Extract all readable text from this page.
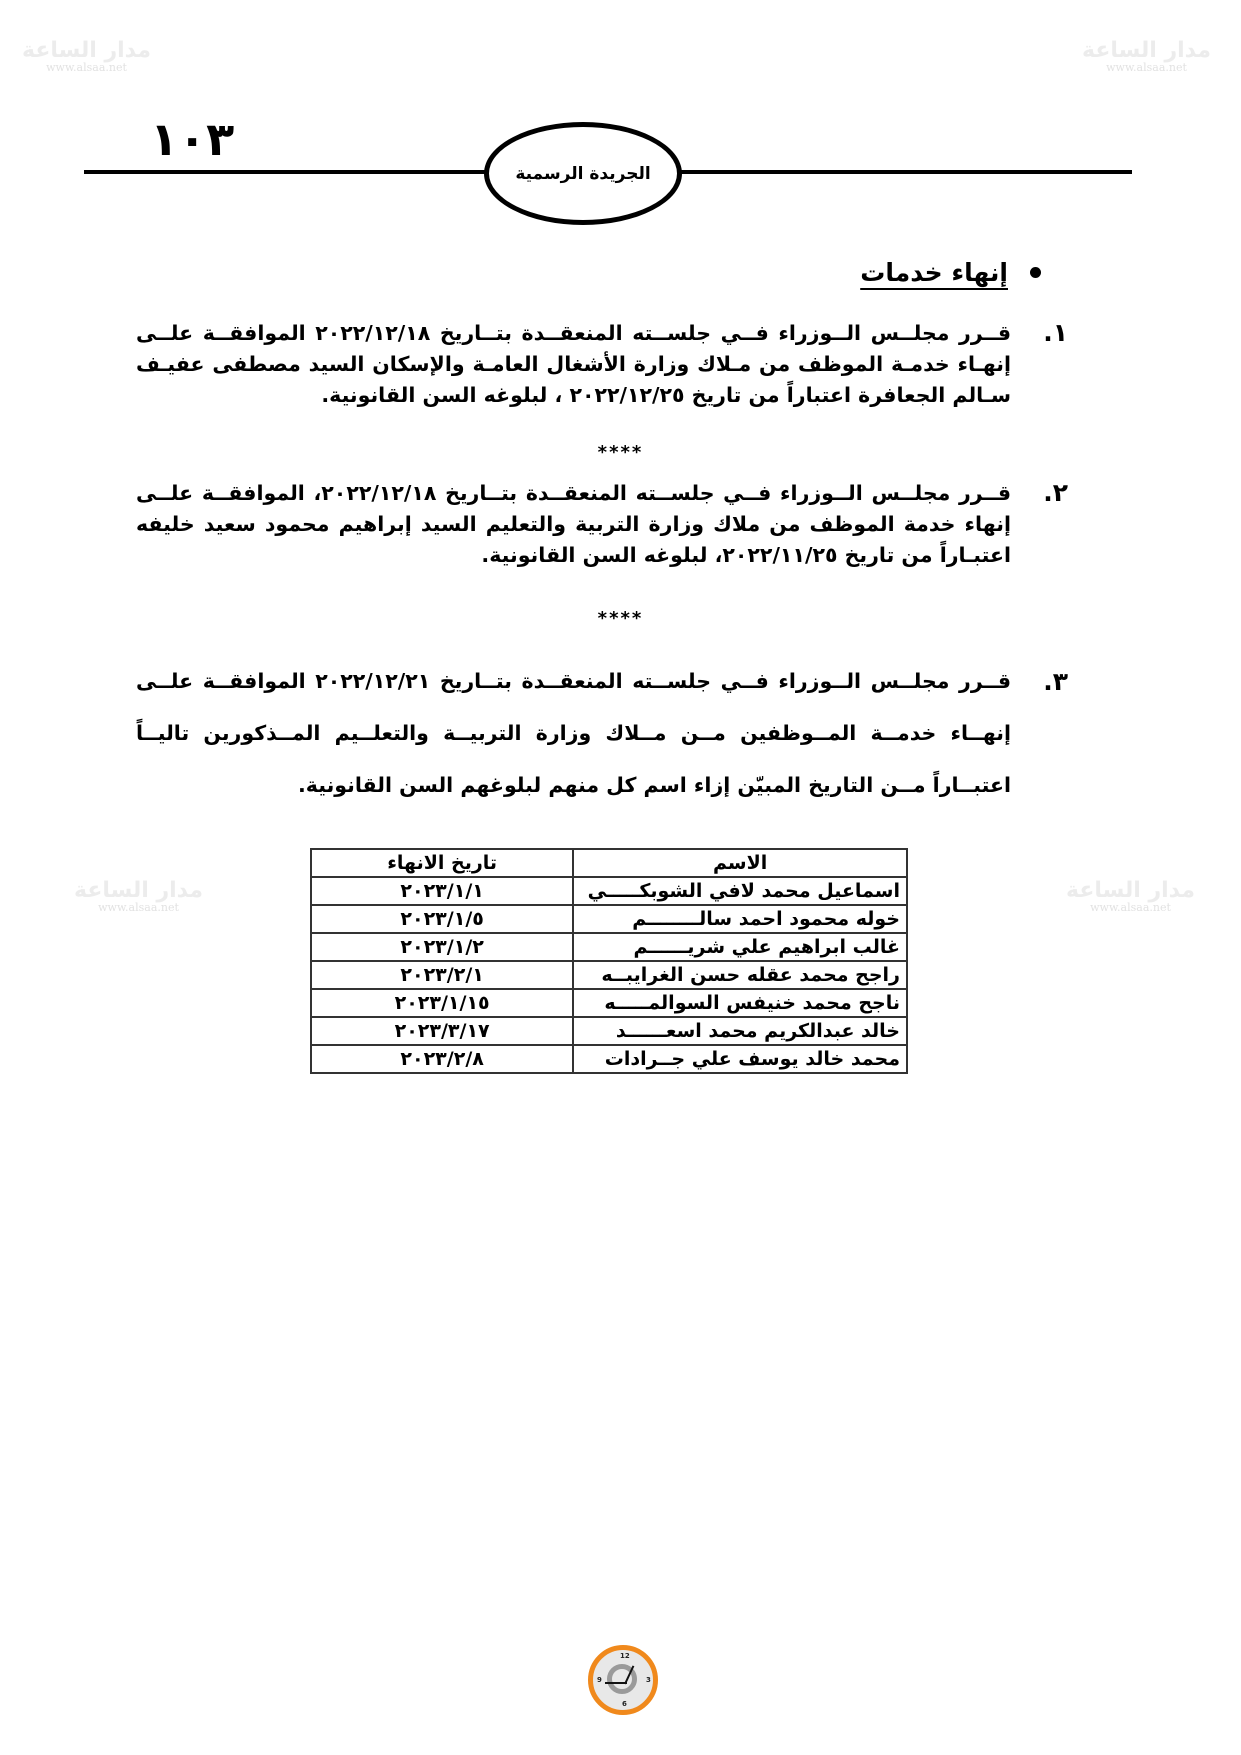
مدار الساعة
www.alsaa.net
مدار الساعة
www.alsaa.net
مدار الساعة
www.alsaa.net
مدار الساعة
www.alsaa.net
١٠٣
الجريدة الرسمية
إنهاء خدمات
١.
قــرر مجلــس الــوزراء فــي جلســته المنعقــدة بتــاريخ ٢٠٢٢/١٢/١٨ الموافقــة علــى إنهـاء خدمـة الموظف من مـلاك وزارة الأشغال العامـة والإسكان السيد مصطفى عفيـف سـالم الجعافرة اعتباراً من تاريخ ٢٠٢٢/١٢/٢٥ ، لبلوغه السن القانونية.
****
٢.
قــرر مجلــس الــوزراء فــي جلســته المنعقــدة بتــاريخ ٢٠٢٢/١٢/١٨، الموافقــة علــى إنهاء خدمة الموظف من ملاك وزارة التربية والتعليم السيد إبراهيم محمود سعيد خليفه اعتبـاراً من تاريخ ٢٠٢٢/١١/٢٥، لبلوغه السن القانونية.
****
٣.
قــرر مجلــس الــوزراء فــي جلســته المنعقــدة بتــاريخ ٢٠٢٢/١٢/٢١ الموافقــة علــى إنهــاء خدمــة المــوظفين مــن مــلاك وزارة التربيــة والتعلــيم المــذكورين تاليــاً اعتبــاراً مــن التاريخ المبيّن إزاء اسم كل منهم لبلوغهم السن القانونية.
الاسم	تاريخ الانهاء
اسماعيل محمد لافي الشوبكـــــي	٢٠٢٣/١/١
خوله محمود احمد سالــــــــم	٢٠٢٣/١/٥
غالب ابراهيم علي شريــــــم	٢٠٢٣/١/٢
راجح محمد عقله حسن الغرايبــه	٢٠٢٣/٢/١
ناجح محمد خنيفس السوالمـــــه	٢٠٢٣/١/١٥
خالد عبدالكريم محمد اسعــــــد	٢٠٢٣/٣/١٧
محمد خالد يوسف علي جــرادات	٢٠٢٣/٢/٨
12
3
6
9
